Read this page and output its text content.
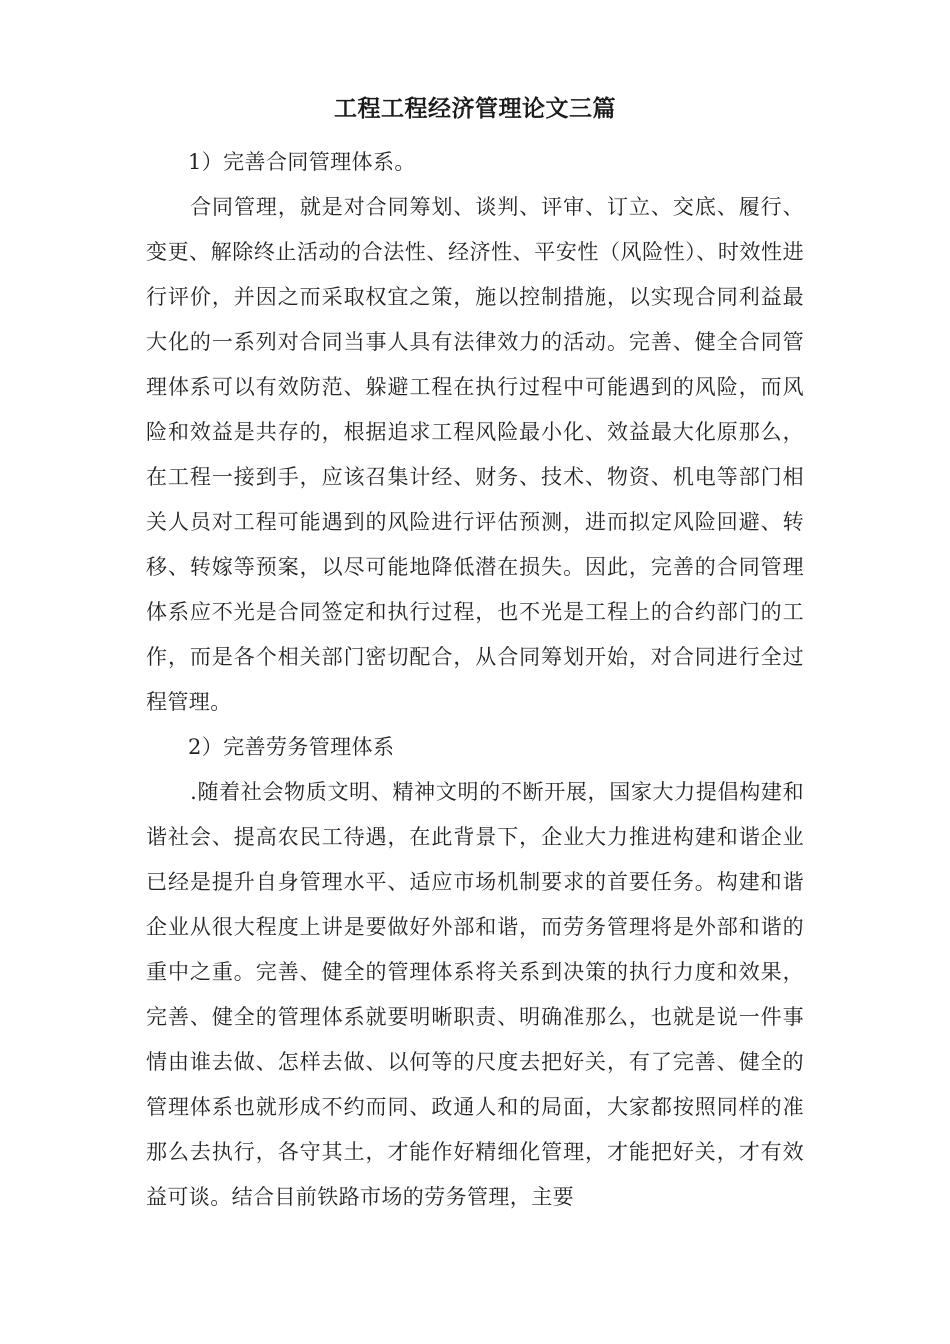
工程工程经济管理论文三篇

1）完善合同管理体系。

合同管理，就是对合同筹划、谈判、评审、订立、交底、履行、变更、解除终止活动的合法性、经济性、平安性（风险性）、时效性进行评价，并因之而采取权宜之策，施以控制措施，以实现合同利益最大化的一系列对合同当事人具有法律效力的活动。完善、健全合同管理体系可以有效防范、躲避工程在执行过程中可能遇到的风险，而风险和效益是共存的，根据追求工程风险最小化、效益最大化原那么，在工程一接到手，应该召集计经、财务、技术、物资、机电等部门相关人员对工程可能遇到的风险进行评估预测，进而拟定风险回避、转移、转嫁等预案，以尽可能地降低潜在损失。因此，完善的合同管理体系应不光是合同签定和执行过程，也不光是工程上的合约部门的工作，而是各个相关部门密切配合，从合同筹划开始，对合同进行全过程管理。

2）完善劳务管理体系

.随着社会物质文明、精神文明的不断开展，国家大力提倡构建和谐社会、提高农民工待遇，在此背景下，企业大力推进构建和谐企业已经是提升自身管理水平、适应市场机制要求的首要任务。构建和谐企业从很大程度上讲是要做好外部和谐，而劳务管理将是外部和谐的重中之重。完善、健全的管理体系将关系到决策的执行力度和效果，完善、健全的管理体系就要明晰职责、明确准那么，也就是说一件事情由谁去做、怎样去做、以何等的尺度去把好关，有了完善、健全的管理体系也就形成不约而同、政通人和的局面，大家都按照同样的准那么去执行，各守其土，才能作好精细化管理，才能把好关，才有效益可谈。结合目前铁路市场的劳务管理，主要
